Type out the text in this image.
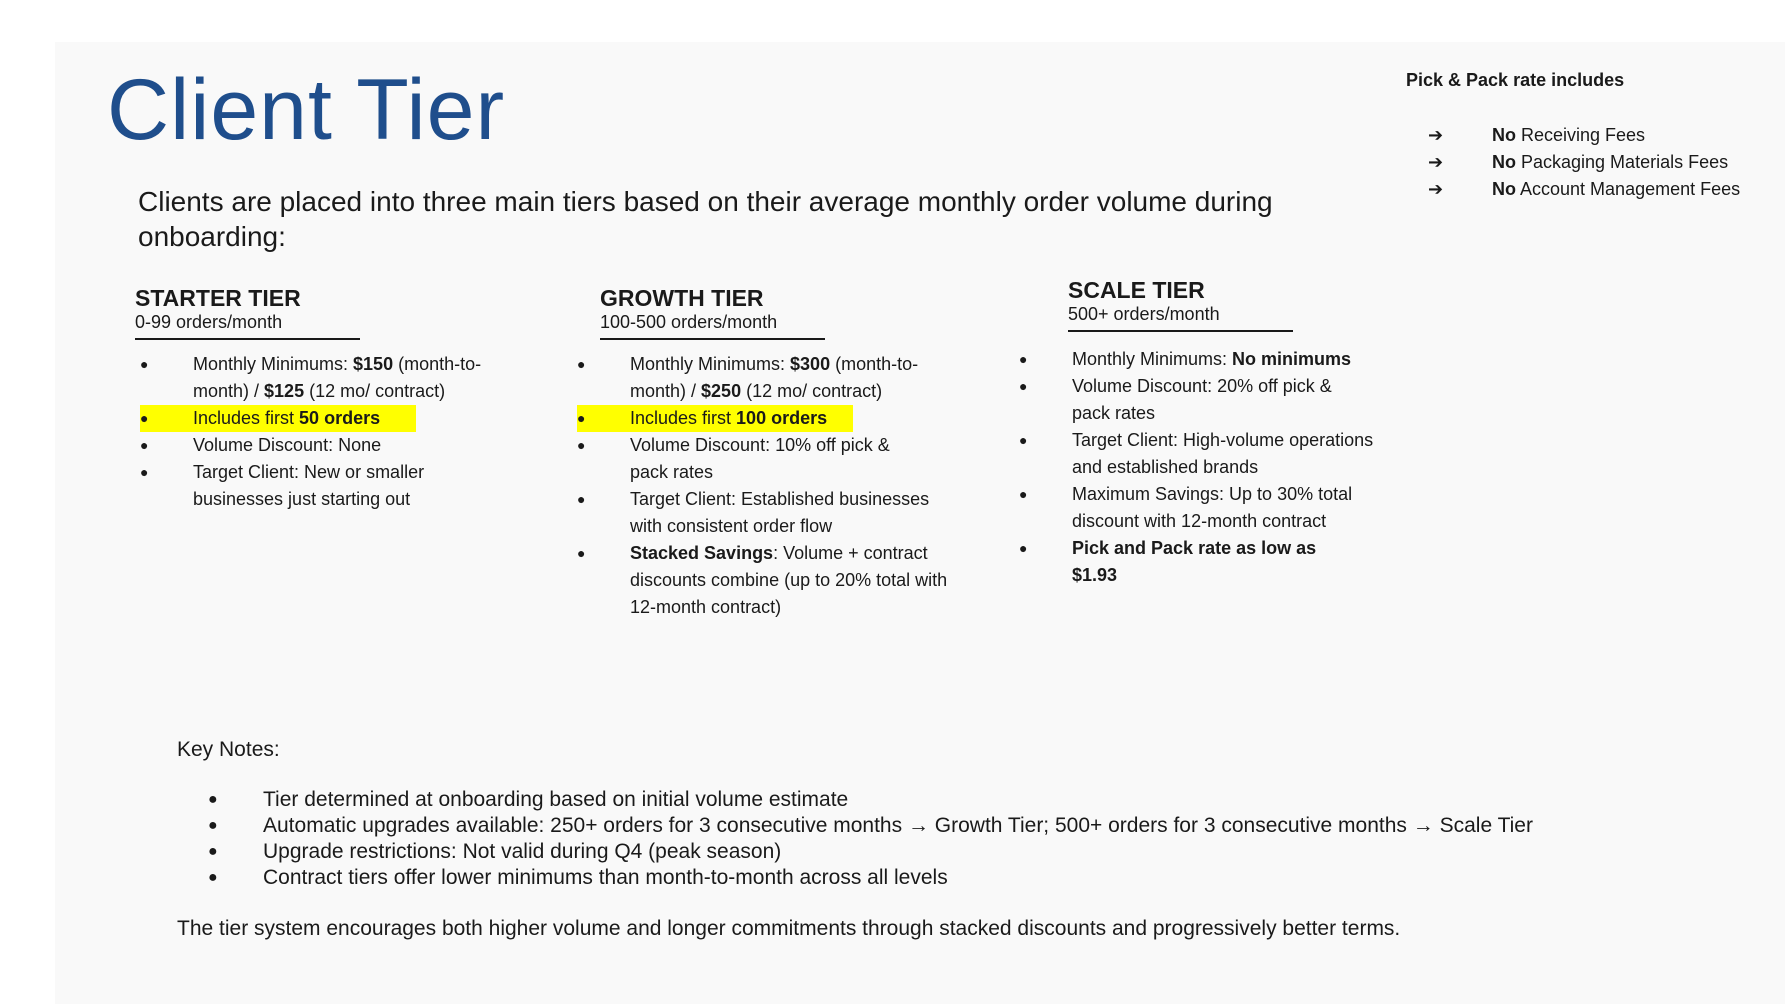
Client Tier
Clients are placed into three main tiers based on their average monthly order volume during onboarding:
Pick & Pack rate includes
➔	No Receiving Fees
➔	No Packaging Materials Fees
➔	No Account Management Fees
STARTER TIER
0-99 orders/month
● Monthly Minimums: $150 (month-to-month) / $125 (12 mo/ contract)
● Includes first 50 orders
● Volume Discount: None
● Target Client: New or smaller businesses just starting out
GROWTH TIER
100-500 orders/month
● Monthly Minimums: $300 (month-to-month) / $250 (12 mo/ contract)
● Includes first 100 orders
● Volume Discount: 10% off pick & pack rates
● Target Client: Established businesses with consistent order flow
● Stacked Savings: Volume + contract discounts combine (up to 20% total with 12-month contract)
SCALE TIER
500+ orders/month
● Monthly Minimums: No minimums
● Volume Discount: 20% off pick & pack rates
● Target Client: High-volume operations and established brands
● Maximum Savings: Up to 30% total discount with 12-month contract
● Pick and Pack rate as low as $1.93
Key Notes:
● Tier determined at onboarding based on initial volume estimate
● Automatic upgrades available: 250+ orders for 3 consecutive months → Growth Tier; 500+ orders for 3 consecutive months → Scale Tier
● Upgrade restrictions: Not valid during Q4 (peak season)
● Contract tiers offer lower minimums than month-to-month across all levels
The tier system encourages both higher volume and longer commitments through stacked discounts and progressively better terms.
